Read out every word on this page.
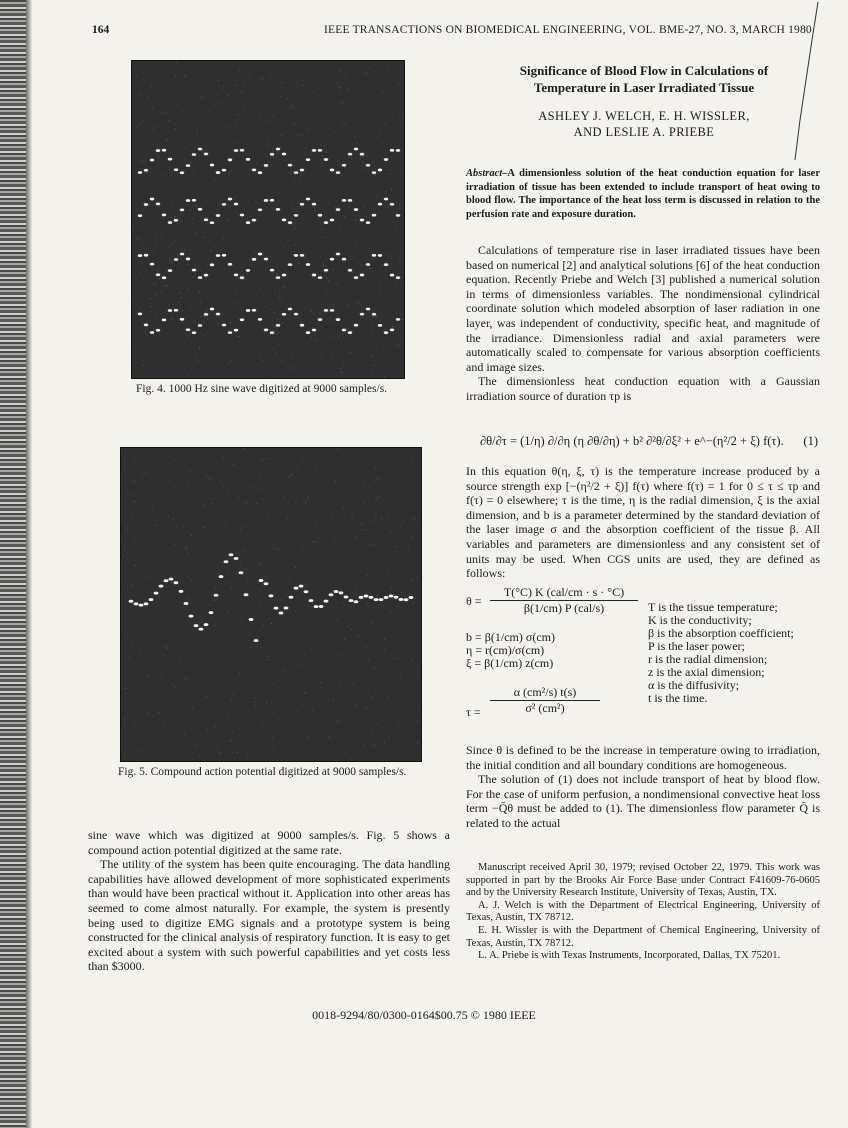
164	IEEE TRANSACTIONS ON BIOMEDICAL ENGINEERING, VOL. BME-27, NO. 3, MARCH 1980
Fig. 4. 1000 Hz sine wave digitized at 9000 samples/s.
Fig. 5. Compound action potential digitized at 9000 samples/s.
Significance of Blood Flow in Calculations of
Temperature in Laser Irradiated Tissue
ASHLEY J. WELCH, E. H. WISSLER,
AND LESLIE A. PRIEBE
Abstract–A dimensionless solution of the heat conduction equation for laser irradiation of tissue has been extended to include transport of heat owing to blood flow. The importance of the heat loss term is discussed in relation to the perfusion rate and exposure duration.

Calculations of temperature rise in laser irradiated tissues have been based on numerical [2] and analytical solutions [6] of the heat conduction equation. Recently Priebe and Welch [3] published a numerical solution in terms of dimensionless variables. The nondimensional cylindrical coordinate solution which modeled absorption of laser radiation in one layer, was independent of conductivity, specific heat, and magnitude of the irradiance. Dimensionless radial and axial parameters were automatically scaled to compensate for various absorption coefficients and image sizes.

The dimensionless heat conduction equation with a Gaussian irradiation source of duration τp is

∂θ/∂τ = (1/η) ∂/∂η (η ∂θ/∂η) + b² ∂²θ/∂ξ² + e^−(η²/2 + ξ) f(τ). (1)

In this equation θ(η, ξ, τ) is the temperature increase produced by a source strength exp [−(η²/2 + ξ)] f(τ) where f(τ) = 1 for 0 ≤ τ ≤ τp and f(τ) = 0 elsewhere; τ is the time, η is the radial dimension, ξ is the axial dimension, and b is a parameter determined by the standard deviation of the laser image σ and the absorption coefficient of the tissue β. All variables and parameters are dimensionless and any consistent set of units may be used. When CGS units are used, they are defined as follows:

θ =
T(°C) K (cal/cm · s · °C)
β(1/cm) P (cal/s)
b = β(1/cm) σ(cm)
η = r(cm)/σ(cm)
ξ = β(1/cm) z(cm)
$\tau = \frac{\text{α (cm²/s) t(s)}}{\text{σ² (cm²)}}$
T is the tissue temperature;
K is the conductivity;
β is the absorption coefficient;
P is the laser power;
r is the radial dimension;
z is the axial dimension;
α is the diffusivity;
t is the time.

Since θ is defined to be the increase in temperature owing to irradiation, the initial condition and all boundary conditions are homogeneous.

The solution of (1) does not include transport of heat by blood flow. For the case of uniform perfusion, a nondimensional convective heat loss term −Q̄θ must be added to (1). The dimensionless flow parameter Q̄ is related to the actual

sine wave which was digitized at 9000 samples/s. Fig. 5 shows a compound action potential digitized at the same rate.

The utility of the system has been quite encouraging. The data handling capabilities have allowed development of more sophisticated experiments than would have been practical without it. Application into other areas has seemed to come almost naturally. For example, the system is presently being used to digitize EMG signals and a prototype system is being constructed for the clinical analysis of respiratory function. It is easy to get excited about a system with such powerful capabilities and yet costs less than $3000.

Manuscript received April 30, 1979; revised October 22, 1979. This work was supported in part by the Brooks Air Force Base under Contract F41609-76-0605 and by the University Research Institute, University of Texas, Austin, TX.

A. J. Welch is with the Department of Electrical Engineering, University of Texas, Austin, TX 78712.

E. H. Wissler is with the Department of Chemical Engineering, University of Texas, Austin, TX 78712.

L. A. Priebe is with Texas Instruments, Incorporated, Dallas, TX 75201.

0018-9294/80/0300-0164$00.75 © 1980 IEEE
